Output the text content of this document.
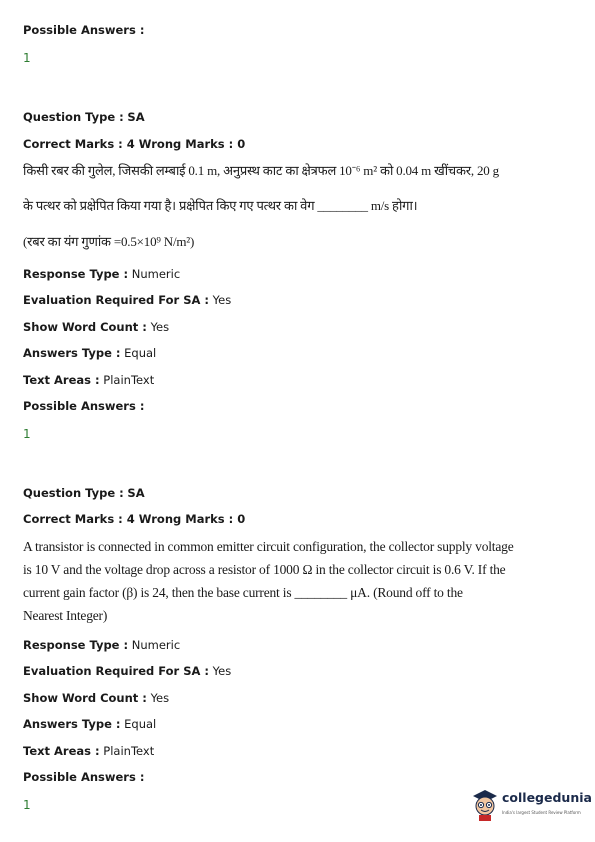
Possible Answers :
1
Question Type : SA
Correct Marks : 4 Wrong Marks : 0
किसी रबर की गुलेल, जिसकी लम्बाई 0.1 m, अनुप्रस्थ काट का क्षेत्रफल 10⁻⁶ m² को 0.04 m खींचकर, 20 g
के पत्थर को प्रक्षेपित किया गया है। प्रक्षेपित किए गए पत्थर का वेग ________ m/s होगा।
(रबर का यंग गुणांक =0.5×10⁹ N/m²)
Response Type : Numeric
Evaluation Required For SA : Yes
Show Word Count : Yes
Answers Type : Equal
Text Areas : PlainText
Possible Answers :
1
Question Type : SA
Correct Marks : 4 Wrong Marks : 0
A transistor is connected in common emitter circuit configuration, the collector supply voltage
is 10 V and the voltage drop across a resistor of 1000 Ω in the collector circuit is 0.6 V. If the
current gain factor (β) is 24, then the base current is ________ μA. (Round off to the
Nearest Integer)
Response Type : Numeric
Evaluation Required For SA : Yes
Show Word Count : Yes
Answers Type : Equal
Text Areas : PlainText
Possible Answers :
1	collegedunia
India's largest Student Review Platform
